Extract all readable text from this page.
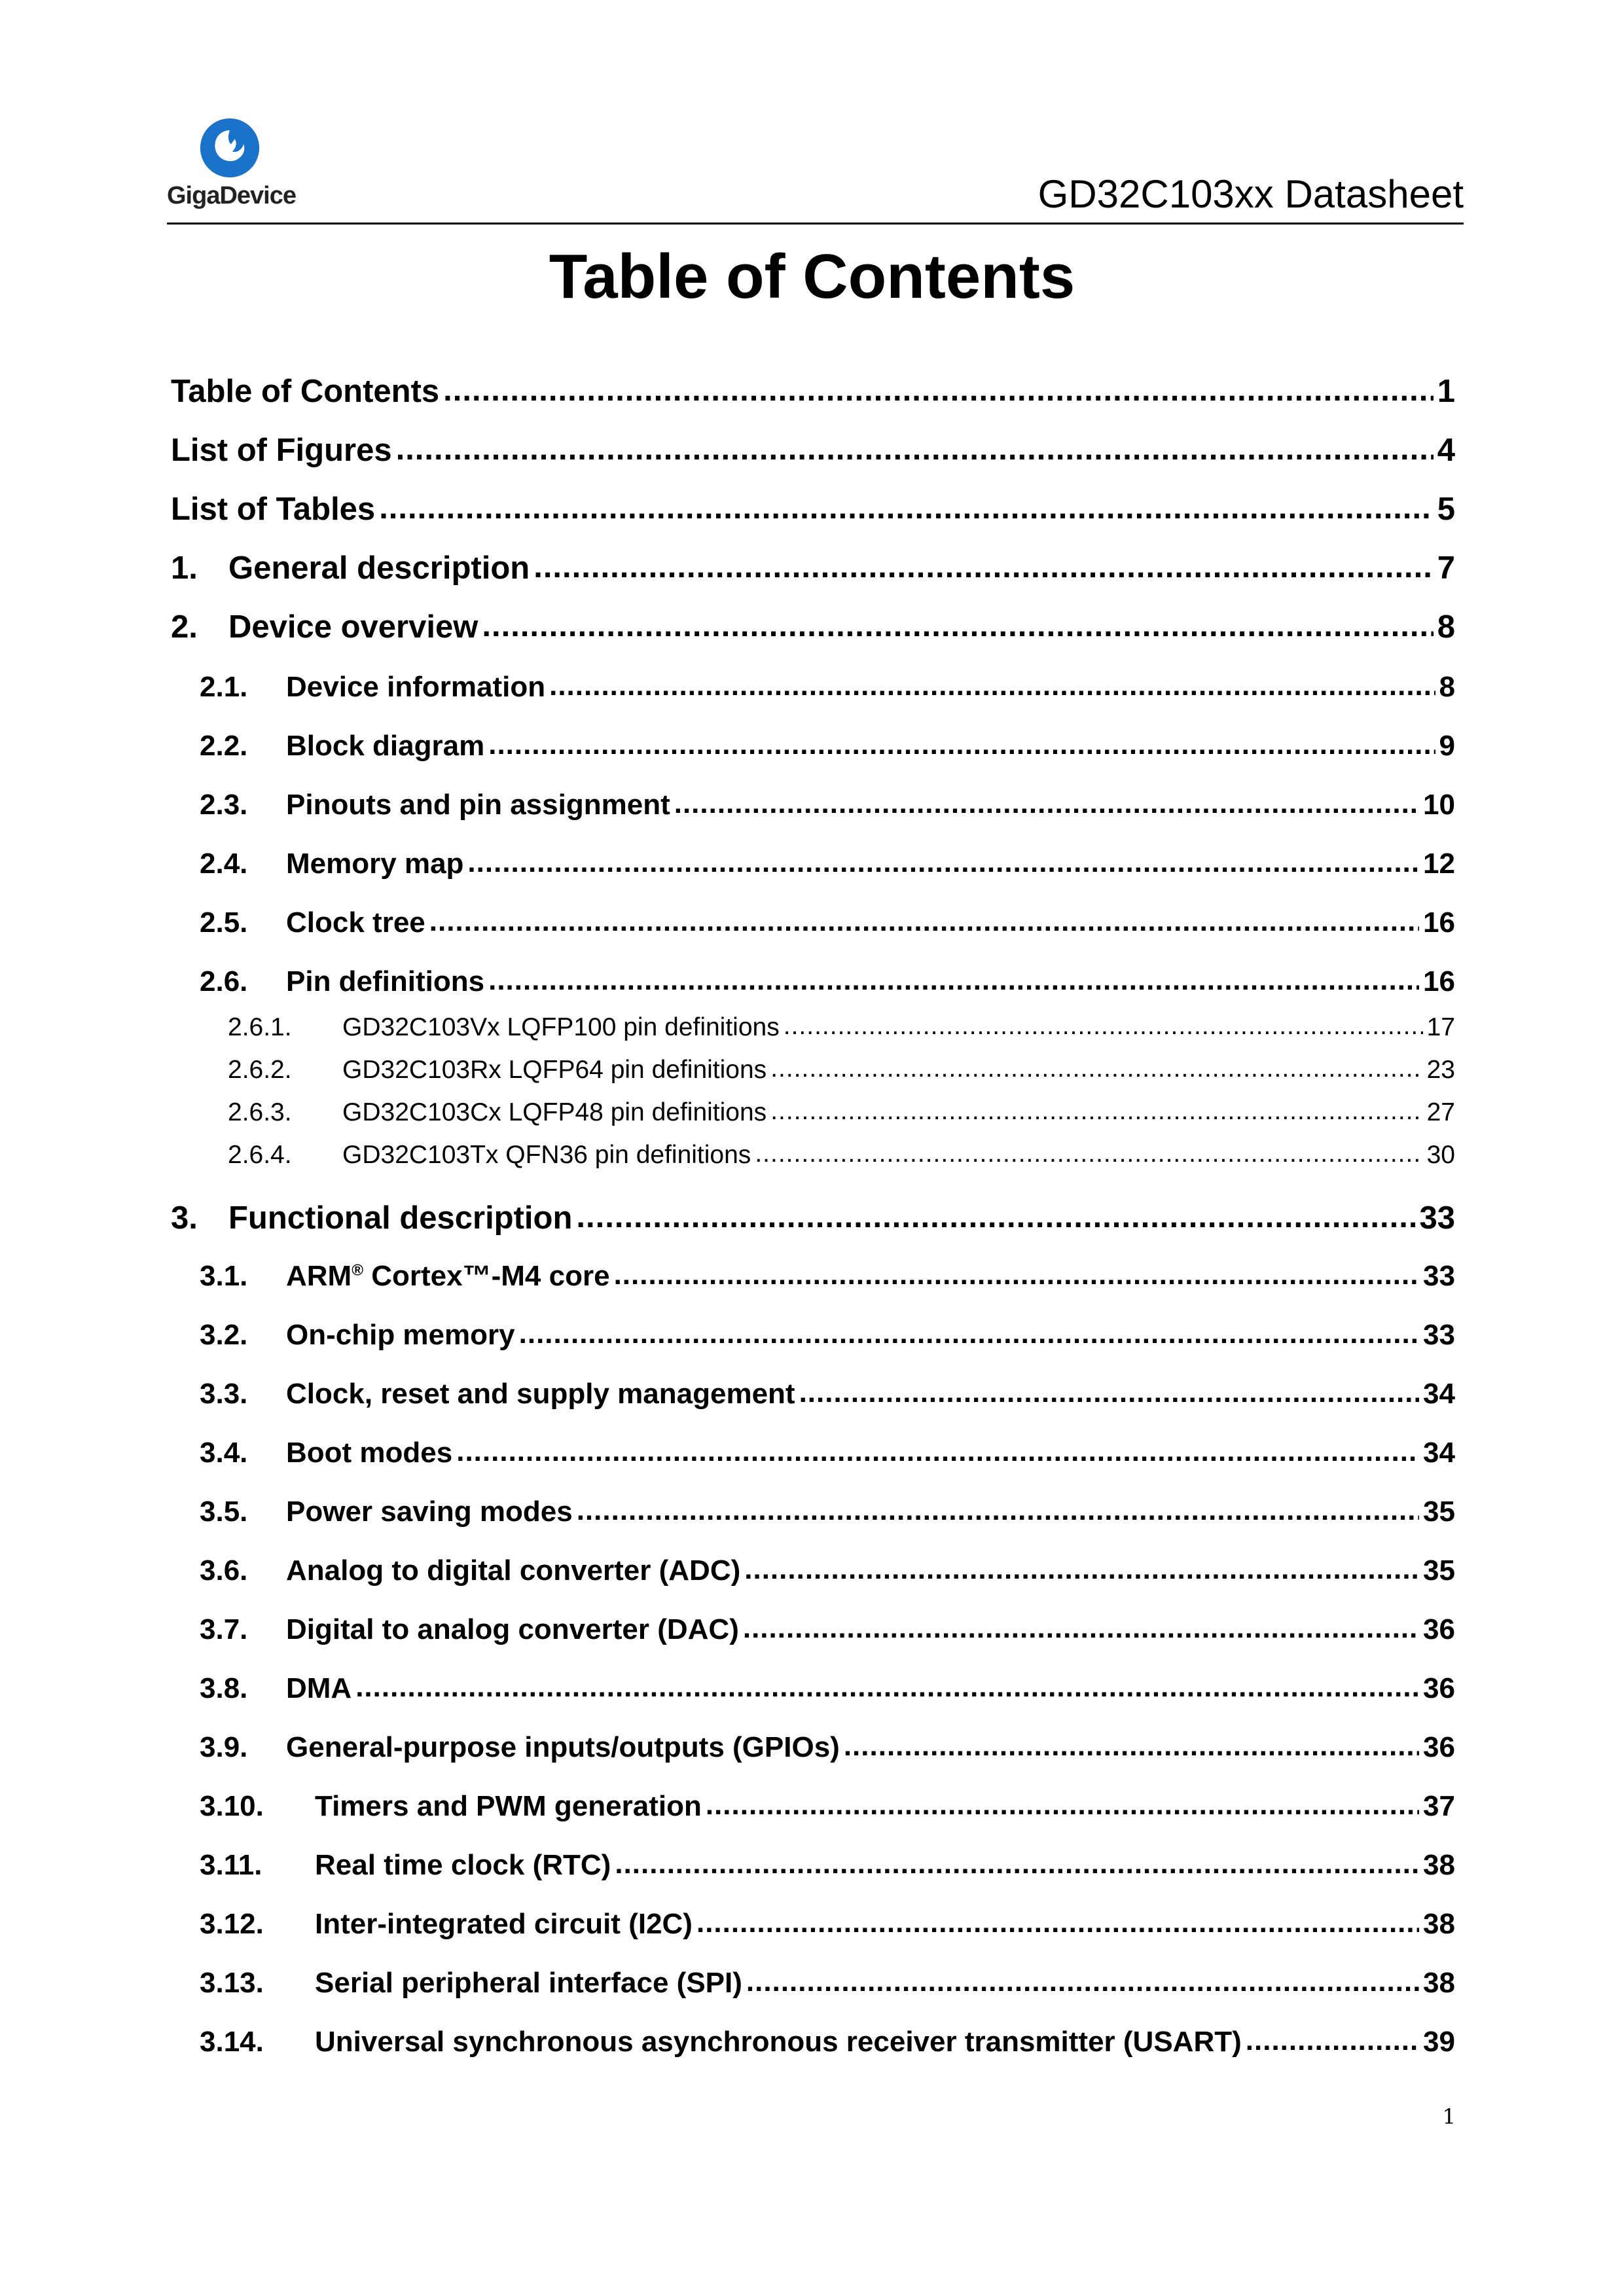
GigaDevice	GD32C103xx Datasheet
Table of Contents
Table of Contents .....	1
List of Figures .....	4
List of Tables .....	5
1. General description .....	7
2. Device overview .....	8
2.1.	Device information .....	8
2.2.	Block diagram .....	9
2.3.	Pinouts and pin assignment .....	10
2.4.	Memory map .....	12
2.5.	Clock tree .....	16
2.6.	Pin definitions .....	16
2.6.1.	GD32C103Vx LQFP100 pin definitions .....	17
2.6.2.	GD32C103Rx LQFP64 pin definitions .....	23
2.6.3.	GD32C103Cx LQFP48 pin definitions .....	27
2.6.4.	GD32C103Tx QFN36 pin definitions .....	30
3. Functional description .....	33
3.1.	ARM® Cortex™-M4 core .....	33
3.2.	On-chip memory .....	33
3.3.	Clock, reset and supply management .....	34
3.4.	Boot modes .....	34
3.5.	Power saving modes .....	35
3.6.	Analog to digital converter (ADC) .....	35
3.7.	Digital to analog converter (DAC) .....	36
3.8.	DMA .....	36
3.9.	General-purpose inputs/outputs (GPIOs) .....	36
3.10.	Timers and PWM generation .....	37
3.11.	Real time clock (RTC) .....	38
3.12.	Inter-integrated circuit (I2C) .....	38
3.13.	Serial peripheral interface (SPI) .....	38
3.14.	Universal synchronous asynchronous receiver transmitter (USART) .....	39
1
